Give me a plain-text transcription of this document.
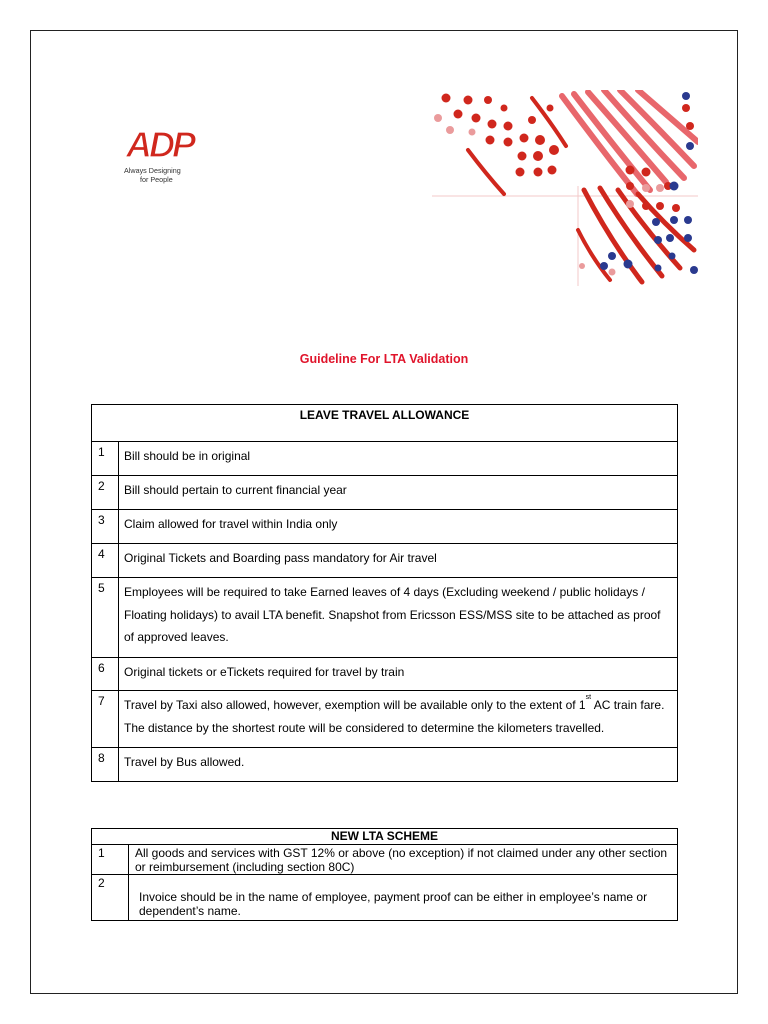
ADP
Always Designing
for People
Guideline For LTA Validation
LEAVE TRAVEL ALLOWANCE	
1	Bill should be in original
2	Bill should pertain to current financial year
3	Claim allowed for travel within India only
4	Original Tickets and Boarding pass mandatory for Air travel
5	Employees will be required to take Earned leaves of 4 days (Excluding weekend / public holidays / Floating holidays) to avail LTA benefit. Snapshot from Ericsson ESS/MSS site to be attached as proof of approved leaves.
6	Original tickets or eTickets required for travel by train
7	Travel by Taxi also allowed, however, exemption will be available only to the extent of 1st AC train fare. The distance by the shortest route will be considered to determine the kilometers travelled.
8	Travel by Bus allowed.
NEW LTA SCHEME	
1	All goods and services with GST 12% or above (no exception) if not claimed under any other section or reimbursement (including section 80C)
2	Invoice should be in the name of employee, payment proof can be either in employee’s name or dependent’s name.
